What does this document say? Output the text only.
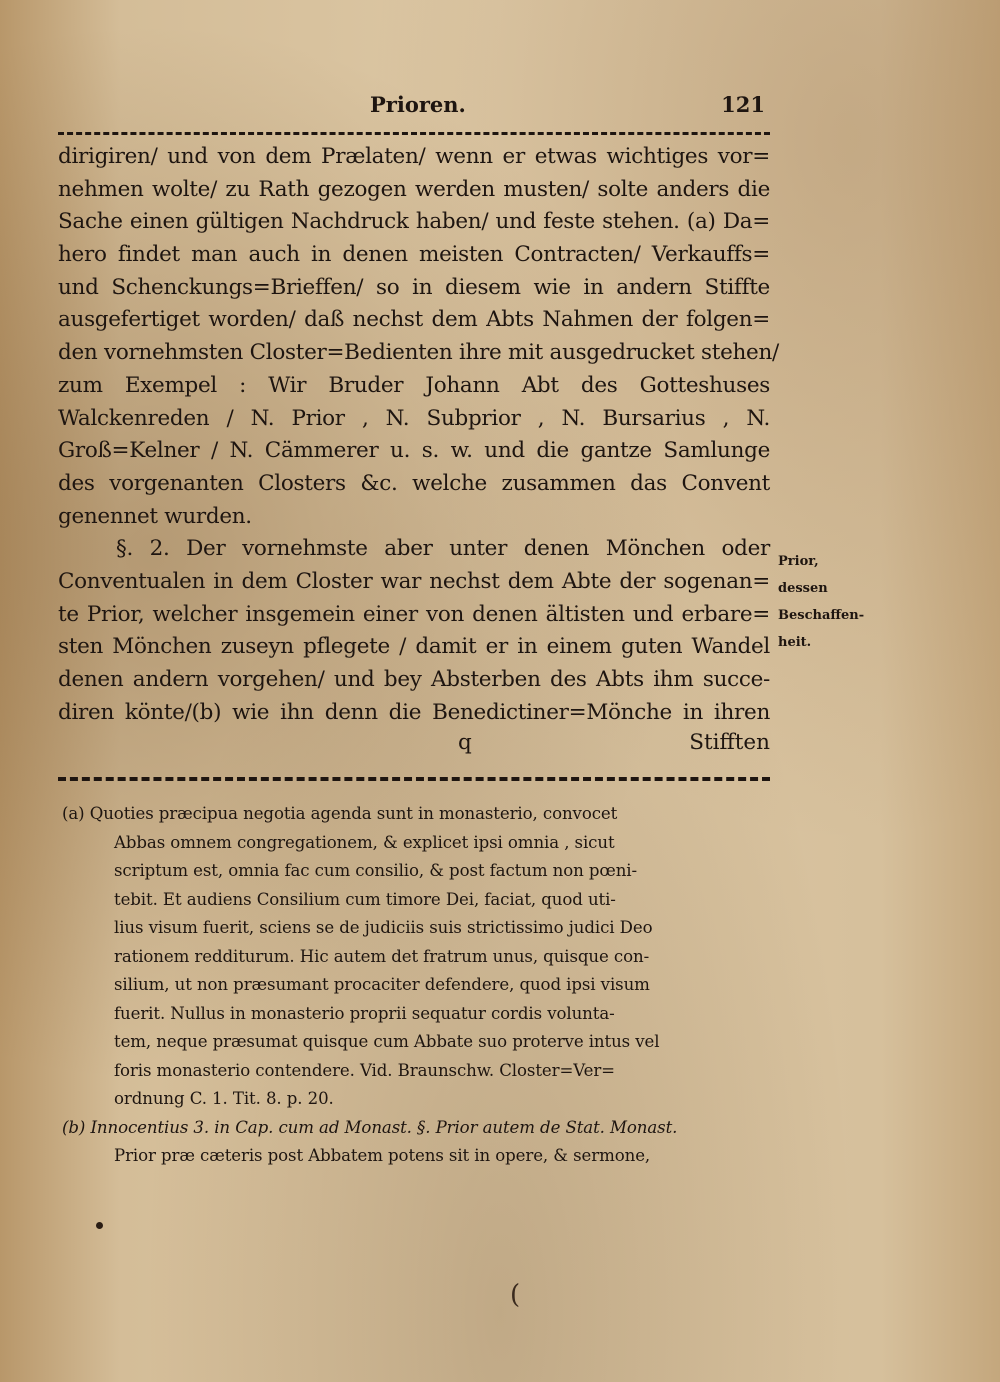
Prioren.	121
dirigiren/ und von dem Prælaten/ wenn er etwas wichtiges vor=
nehmen wolte/ zu Rath gezogen werden musten/ solte anders die
Sache einen gültigen Nachdruck haben/ und feste stehen. (a) Da=
hero findet man auch in denen meisten Contracten/ Verkauffs=
und Schenckungs=Brieffen/ so in diesem wie in andern Stiffte
ausgefertiget worden/ daß nechst dem Abts Nahmen der folgen=
den vornehmsten Closter=Bedienten ihre mit ausgedrucket stehen/
zum Exempel : Wir Bruder Johann Abt des Gotteshuses
Walckenreden / N. Prior , N. Subprior , N. Bursarius , N.
Groß=Kelner / N. Cämmerer u. s. w. und die gantze Samlunge
des vorgenanten Closters &c. welche zusammen das Convent
genennet wurden.
§. 2. Der vornehmste aber unter denen Mönchen oder
Conventualen in dem Closter war nechst dem Abte der sogenan=
te Prior, welcher insgemein einer von denen ältisten und erbare=
sten Mönchen zuseyn pflegete / damit er in einem guten Wandel
denen andern vorgehen/ und bey Absterben des Abts ihm succe-
diren könte/(b) wie ihn denn die Benedictiner=Mönche in ihren
q	Stifften
Prior, dessen
Beschaffen-
heit.
(a) Quoties præcipua negotia agenda sunt in monasterio, convocet
Abbas omnem congregationem, & explicet ipsi omnia , sicut
scriptum est, omnia fac cum consilio, & post factum non pœni-
tebit. Et audiens Consilium cum timore Dei, faciat, quod uti-
lius visum fuerit, sciens se de judiciis suis strictissimo judici Deo
rationem redditurum. Hic autem det fratrum unus, quisque con-
silium, ut non præsumant procaciter defendere, quod ipsi visum
fuerit. Nullus in monasterio proprii sequatur cordis volunta-
tem, neque præsumat quisque cum Abbate suo proterve intus vel
foris monasterio contendere. Vid. Braunschw. Closter=Ver=
ordnung C. 1. Tit. 8. p. 20.
(b) Innocentius 3. in Cap. cum ad Monast. §. Prior autem de Stat. Monast.
Prior præ cæteris post Abbatem potens sit in opere, & sermone,
(
